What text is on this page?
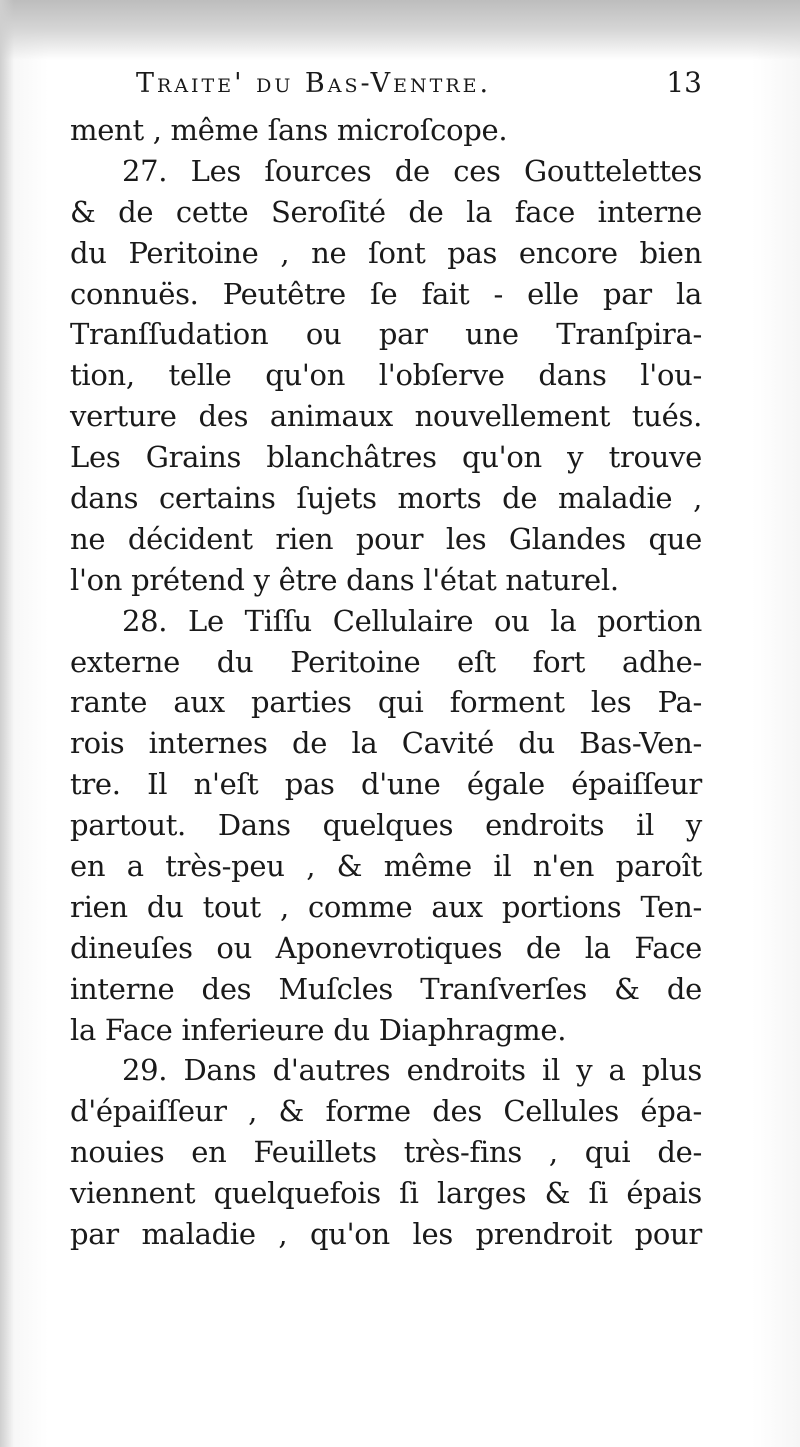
Traite' du Bas-Ventre.	13
ment , même ſans microſcope.
27. Les ſources de ces Gouttelettes
& de cette Seroſité de la face interne
du Peritoine , ne ſont pas encore bien
connuës. Peutêtre ſe fait - elle par la
Tranſſudation ou par une Tranſpira-
tion, telle qu'on l'obſerve dans l'ou-
verture des animaux nouvellement tués.
Les Grains blanchâtres qu'on y trouve
dans certains ſujets morts de maladie ,
ne décident rien pour les Glandes que
l'on prétend y être dans l'état naturel.
28. Le Tiſſu Cellulaire ou la portion
externe du Peritoine eſt fort adhe-
rante aux parties qui forment les Pa-
rois internes de la Cavité du Bas-Ven-
tre. Il n'eſt pas d'une égale épaiſſeur
partout. Dans quelques endroits il y
en a très-peu , & même il n'en paroît
rien du tout , comme aux portions Ten-
dineuſes ou Aponevrotiques de la Face
interne des Muſcles Tranſverſes & de
la Face inferieure du Diaphragme.
29. Dans d'autres endroits il y a plus
d'épaiſſeur , & forme des Cellules épa-
nouies en Feuillets très-fins , qui de-
viennent quelquefois ſi larges & ſi épais
par maladie , qu'on les prendroit pour
